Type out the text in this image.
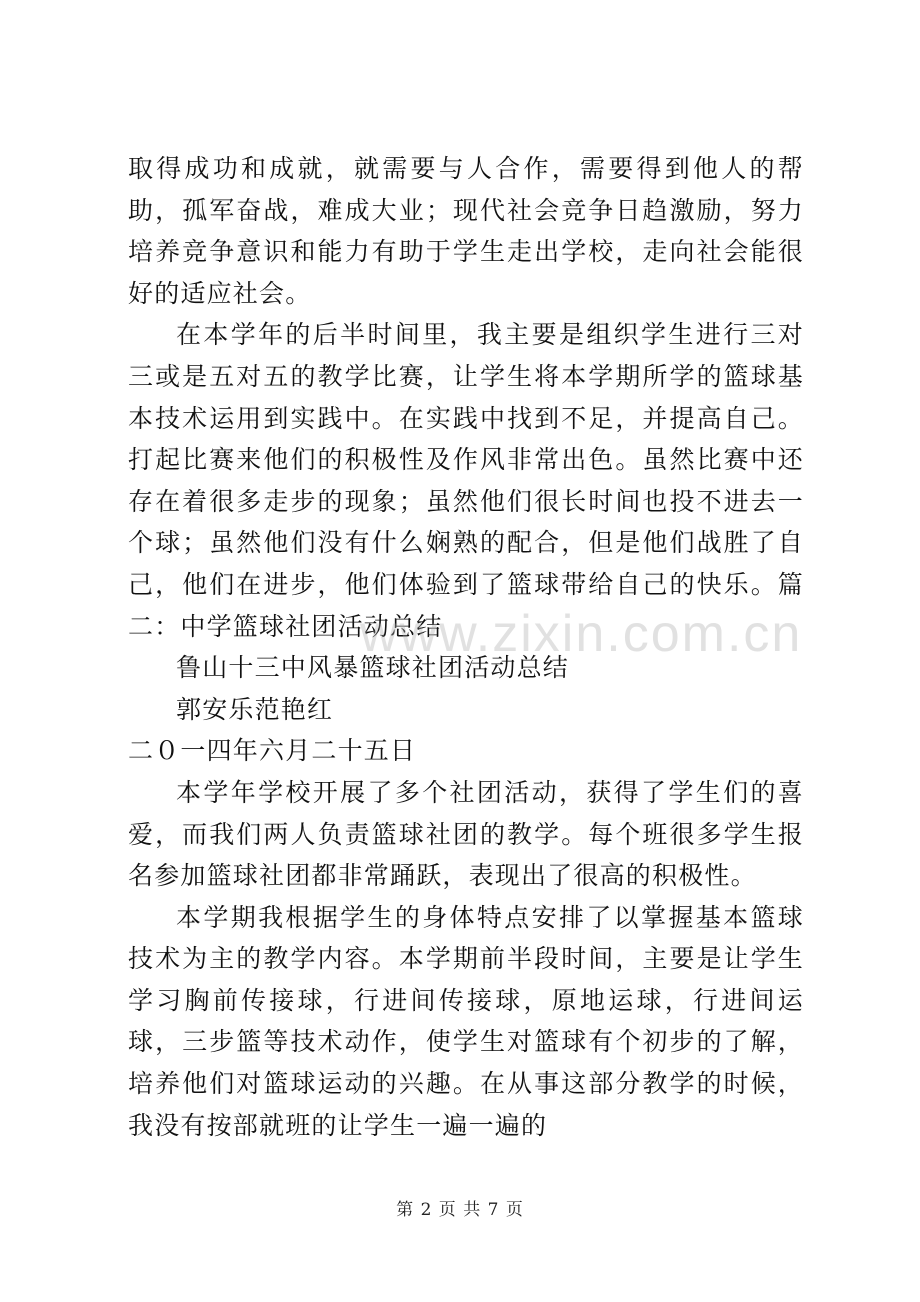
取得成功和成就，就需要与人合作，需要得到他人的帮助，孤军奋战，难成大业；现代社会竞争日趋激励，努力培养竞争意识和能力有助于学生走出学校，走向社会能很好的适应社会。

在本学年的后半时间里，我主要是组织学生进行三对三或是五对五的教学比赛，让学生将本学期所学的篮球基本技术运用到实践中。在实践中找到不足，并提高自己。打起比赛来他们的积极性及作风非常出色。虽然比赛中还存在着很多走步的现象；虽然他们很长时间也投不进去一个球；虽然他们没有什么娴熟的配合，但是他们战胜了自己，他们在进步，他们体验到了篮球带给自己的快乐。篇二：中学篮球社团活动总结

鲁山十三中风暴篮球社团活动总结

郭安乐范艳红

二０一四年六月二十五日

本学年学校开展了多个社团活动，获得了学生们的喜爱，而我们两人负责篮球社团的教学。每个班很多学生报名参加篮球社团都非常踊跃，表现出了很高的积极性。

本学期我根据学生的身体特点安排了以掌握基本篮球技术为主的教学内容。本学期前半段时间，主要是让学生学习胸前传接球，行进间传接球，原地运球，行进间运球，三步篮等技术动作，使学生对篮球有个初步的了解，培养他们对篮球运动的兴趣。在从事这部分教学的时候，我没有按部就班的让学生一遍一遍的

www.zixin.com.cn
第 2 页 共 7 页
